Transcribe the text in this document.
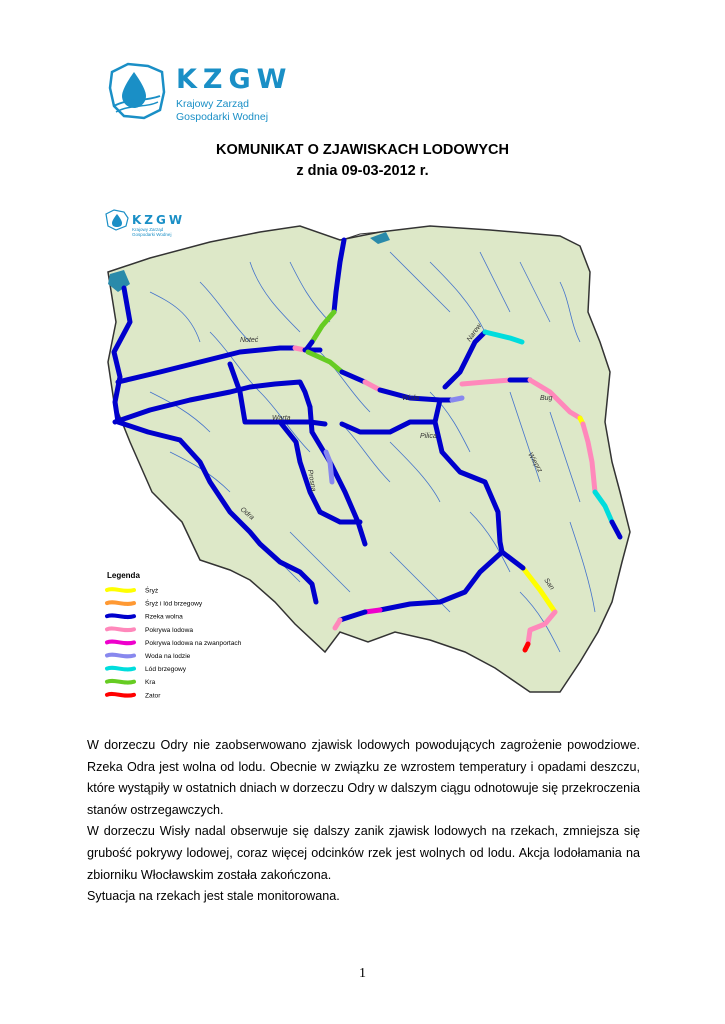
KZGW
Krajowy Zarząd
Gospodarki Wodnej
KOMUNIKAT O ZJAWISKACH LODOWYCH
z dnia 09-03-2012 r.
Noteć
Warta
Odra
Wisła
Narew
Bug
Pilica
Wieprz
San
Prosna
KZGW
Krajowy Zarząd
Gospodarki Wodnej
Legenda
Śryż
Śryż i lód brzegowy
Rzeka wolna
Pokrywa lodowa
Pokrywa lodowa na zwanportach
Woda na lodzie
Lód brzegowy
Kra
Zator

W dorzeczu Odry nie zaobserwowano zjawisk lodowych powodujących zagrożenie powodziowe. Rzeka Odra jest wolna od lodu. Obecnie w związku ze wzrostem temperatury i opadami deszczu, które wystąpiły w ostatnich dniach w dorzeczu Odry w dalszym ciągu odnotowuje się przekroczenia stanów ostrzegawczych.

W dorzeczu Wisły nadal obserwuje się dalszy zanik zjawisk lodowych na rzekach, zmniejsza się grubość pokrywy lodowej, coraz więcej odcinków rzek jest wolnych od lodu. Akcja lodołamania na zbiorniku Włocławskim została zakończona.

Sytuacja na rzekach jest stale monitorowana.

1
